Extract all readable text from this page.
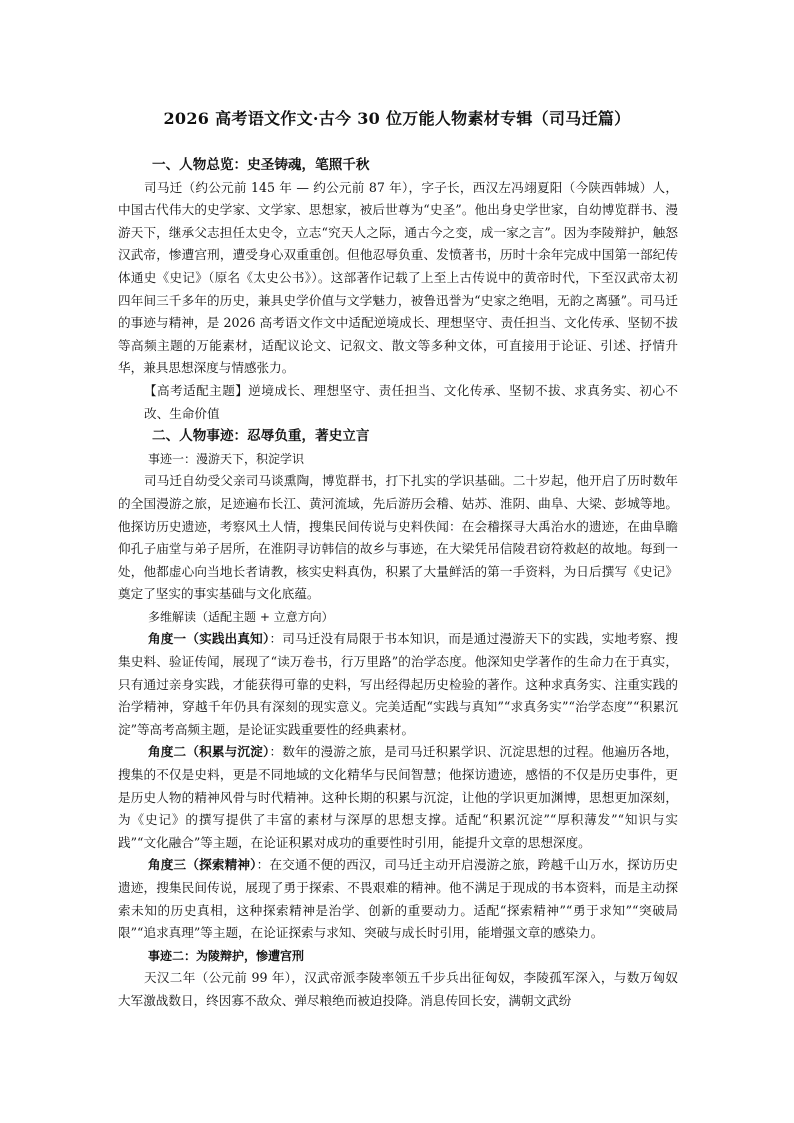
2026 高考语文作文·古今 30 位万能人物素材专辑（司马迁篇）
一、人物总览：史圣铸魂，笔照千秋
司马迁（约公元前 145 年 — 约公元前 87 年），字子长，西汉左冯翊夏阳（今陕西韩城）人，中国古代伟大的史学家、文学家、思想家，被后世尊为“史圣”。他出身史学世家，自幼博览群书、漫游天下，继承父志担任太史令，立志“究天人之际，通古今之变，成一家之言”。因为李陵辩护，触怒汉武帝，惨遭宫刑，遭受身心双重重创。但他忍辱负重、发愤著书，历时十余年完成中国第一部纪传体通史《史记》（原名《太史公书》）。这部著作记载了上至上古传说中的黄帝时代，下至汉武帝太初四年间三千多年的历史，兼具史学价值与文学魅力，被鲁迅誉为“史家之绝唱，无韵之离骚”。司马迁的事迹与精神，是 2026 高考语文作文中适配逆境成长、理想坚守、责任担当、文化传承、坚韧不拔等高频主题的万能素材，适配议论文、记叙文、散文等多种文体，可直接用于论证、引述、抒情升华，兼具思想深度与情感张力。
【高考适配主题】逆境成长、理想坚守、责任担当、文化传承、坚韧不拔、求真务实、初心不改、生命价值
二、人物事迹：忍辱负重，著史立言
事迹一：漫游天下，积淀学识
司马迁自幼受父亲司马谈熏陶，博览群书，打下扎实的学识基础。二十岁起，他开启了历时数年的全国漫游之旅，足迹遍布长江、黄河流域，先后游历会稽、姑苏、淮阴、曲阜、大梁、彭城等地。他探访历史遗迹，考察风土人情，搜集民间传说与史料佚闻：在会稽探寻大禹治水的遗迹，在曲阜瞻仰孔子庙堂与弟子居所，在淮阴寻访韩信的故乡与事迹，在大梁凭吊信陵君窃符救赵的故地。每到一处，他都虚心向当地长者请教，核实史料真伪，积累了大量鲜活的第一手资料，为日后撰写《史记》奠定了坚实的事实基础与文化底蕴。
多维解读（适配主题 + 立意方向）
角度一（实践出真知）：司马迁没有局限于书本知识，而是通过漫游天下的实践，实地考察、搜集史料、验证传闻，展现了“读万卷书，行万里路”的治学态度。他深知史学著作的生命力在于真实，只有通过亲身实践，才能获得可靠的史料，写出经得起历史检验的著作。这种求真务实、注重实践的治学精神，穿越千年仍具有深刻的现实意义。完美适配“实践与真知”“求真务实”“治学态度”“积累沉淀”等高考高频主题，是论证实践重要性的经典素材。
角度二（积累与沉淀）：数年的漫游之旅，是司马迁积累学识、沉淀思想的过程。他遍历各地，搜集的不仅是史料，更是不同地域的文化精华与民间智慧；他探访遗迹，感悟的不仅是历史事件，更是历史人物的精神风骨与时代精神。这种长期的积累与沉淀，让他的学识更加渊博，思想更加深刻，为《史记》的撰写提供了丰富的素材与深厚的思想支撑。适配“积累沉淀”“厚积薄发”“知识与实践”“文化融合”等主题，在论证积累对成功的重要性时引用，能提升文章的思想深度。
角度三（探索精神）：在交通不便的西汉，司马迁主动开启漫游之旅，跨越千山万水，探访历史遗迹，搜集民间传说，展现了勇于探索、不畏艰难的精神。他不满足于现成的书本资料，而是主动探索未知的历史真相，这种探索精神是治学、创新的重要动力。适配“探索精神”“勇于求知”“突破局限”“追求真理”等主题，在论证探索与求知、突破与成长时引用，能增强文章的感染力。
事迹二：为陵辩护，惨遭宫刑
天汉二年（公元前 99 年），汉武帝派李陵率领五千步兵出征匈奴，李陵孤军深入，与数万匈奴大军激战数日，终因寡不敌众、弹尽粮绝而被迫投降。消息传回长安，满朝文武纷
